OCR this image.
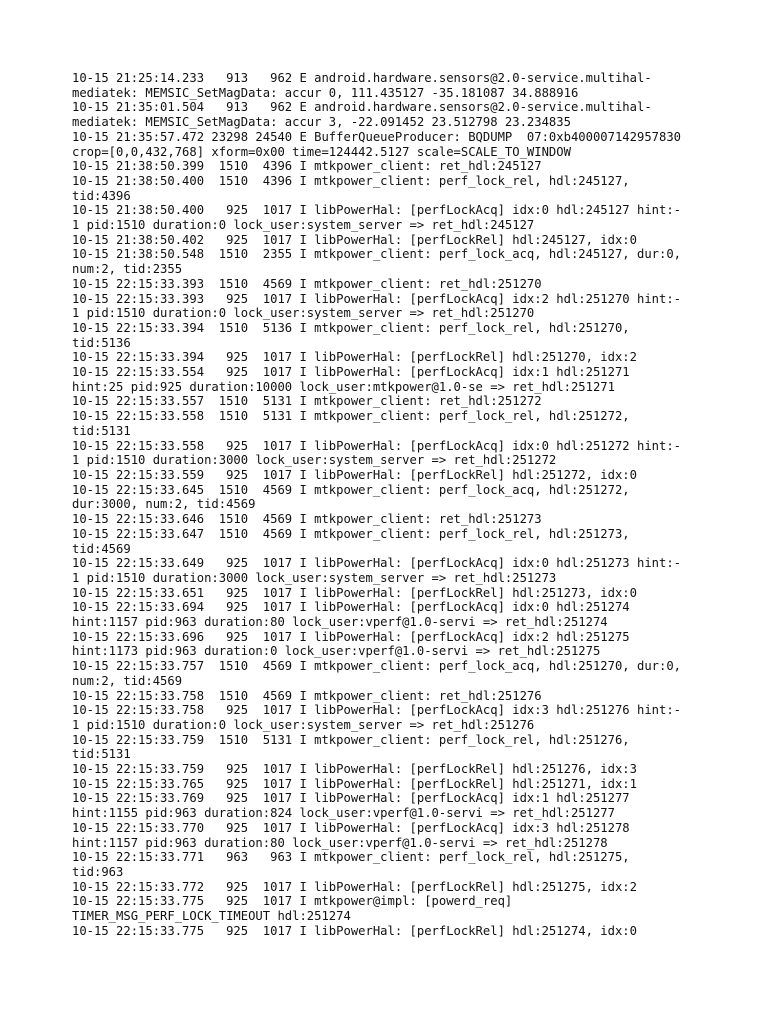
10-15 21:25:14.233   913   962 E android.hardware.sensors@2.0-service.multihal-
mediatek: MEMSIC_SetMagData: accur 0, 111.435127 -35.181087 34.888916
10-15 21:35:01.504   913   962 E android.hardware.sensors@2.0-service.multihal-
mediatek: MEMSIC_SetMagData: accur 3, -22.091452 23.512798 23.234835
10-15 21:35:57.472 23298 24540 E BufferQueueProducer: BQDUMP  07:0xb400007142957830
crop=[0,0,432,768] xform=0x00 time=124442.5127 scale=SCALE_TO_WINDOW
10-15 21:38:50.399  1510  4396 I mtkpower_client: ret_hdl:245127
10-15 21:38:50.400  1510  4396 I mtkpower_client: perf_lock_rel, hdl:245127,
tid:4396
10-15 21:38:50.400   925  1017 I libPowerHal: [perfLockAcq] idx:0 hdl:245127 hint:-
1 pid:1510 duration:0 lock_user:system_server => ret_hdl:245127
10-15 21:38:50.402   925  1017 I libPowerHal: [perfLockRel] hdl:245127, idx:0
10-15 21:38:50.548  1510  2355 I mtkpower_client: perf_lock_acq, hdl:245127, dur:0,
num:2, tid:2355
10-15 22:15:33.393  1510  4569 I mtkpower_client: ret_hdl:251270
10-15 22:15:33.393   925  1017 I libPowerHal: [perfLockAcq] idx:2 hdl:251270 hint:-
1 pid:1510 duration:0 lock_user:system_server => ret_hdl:251270
10-15 22:15:33.394  1510  5136 I mtkpower_client: perf_lock_rel, hdl:251270,
tid:5136
10-15 22:15:33.394   925  1017 I libPowerHal: [perfLockRel] hdl:251270, idx:2
10-15 22:15:33.554   925  1017 I libPowerHal: [perfLockAcq] idx:1 hdl:251271
hint:25 pid:925 duration:10000 lock_user:mtkpower@1.0-se => ret_hdl:251271
10-15 22:15:33.557  1510  5131 I mtkpower_client: ret_hdl:251272
10-15 22:15:33.558  1510  5131 I mtkpower_client: perf_lock_rel, hdl:251272,
tid:5131
10-15 22:15:33.558   925  1017 I libPowerHal: [perfLockAcq] idx:0 hdl:251272 hint:-
1 pid:1510 duration:3000 lock_user:system_server => ret_hdl:251272
10-15 22:15:33.559   925  1017 I libPowerHal: [perfLockRel] hdl:251272, idx:0
10-15 22:15:33.645  1510  4569 I mtkpower_client: perf_lock_acq, hdl:251272,
dur:3000, num:2, tid:4569
10-15 22:15:33.646  1510  4569 I mtkpower_client: ret_hdl:251273
10-15 22:15:33.647  1510  4569 I mtkpower_client: perf_lock_rel, hdl:251273,
tid:4569
10-15 22:15:33.649   925  1017 I libPowerHal: [perfLockAcq] idx:0 hdl:251273 hint:-
1 pid:1510 duration:3000 lock_user:system_server => ret_hdl:251273
10-15 22:15:33.651   925  1017 I libPowerHal: [perfLockRel] hdl:251273, idx:0
10-15 22:15:33.694   925  1017 I libPowerHal: [perfLockAcq] idx:0 hdl:251274
hint:1157 pid:963 duration:80 lock_user:vperf@1.0-servi => ret_hdl:251274
10-15 22:15:33.696   925  1017 I libPowerHal: [perfLockAcq] idx:2 hdl:251275
hint:1173 pid:963 duration:0 lock_user:vperf@1.0-servi => ret_hdl:251275
10-15 22:15:33.757  1510  4569 I mtkpower_client: perf_lock_acq, hdl:251270, dur:0,
num:2, tid:4569
10-15 22:15:33.758  1510  4569 I mtkpower_client: ret_hdl:251276
10-15 22:15:33.758   925  1017 I libPowerHal: [perfLockAcq] idx:3 hdl:251276 hint:-
1 pid:1510 duration:0 lock_user:system_server => ret_hdl:251276
10-15 22:15:33.759  1510  5131 I mtkpower_client: perf_lock_rel, hdl:251276,
tid:5131
10-15 22:15:33.759   925  1017 I libPowerHal: [perfLockRel] hdl:251276, idx:3
10-15 22:15:33.765   925  1017 I libPowerHal: [perfLockRel] hdl:251271, idx:1
10-15 22:15:33.769   925  1017 I libPowerHal: [perfLockAcq] idx:1 hdl:251277
hint:1155 pid:963 duration:824 lock_user:vperf@1.0-servi => ret_hdl:251277
10-15 22:15:33.770   925  1017 I libPowerHal: [perfLockAcq] idx:3 hdl:251278
hint:1157 pid:963 duration:80 lock_user:vperf@1.0-servi => ret_hdl:251278
10-15 22:15:33.771   963   963 I mtkpower_client: perf_lock_rel, hdl:251275,
tid:963
10-15 22:15:33.772   925  1017 I libPowerHal: [perfLockRel] hdl:251275, idx:2
10-15 22:15:33.775   925  1017 I mtkpower@impl: [powerd_req]
TIMER_MSG_PERF_LOCK_TIMEOUT hdl:251274
10-15 22:15:33.775   925  1017 I libPowerHal: [perfLockRel] hdl:251274, idx:0
